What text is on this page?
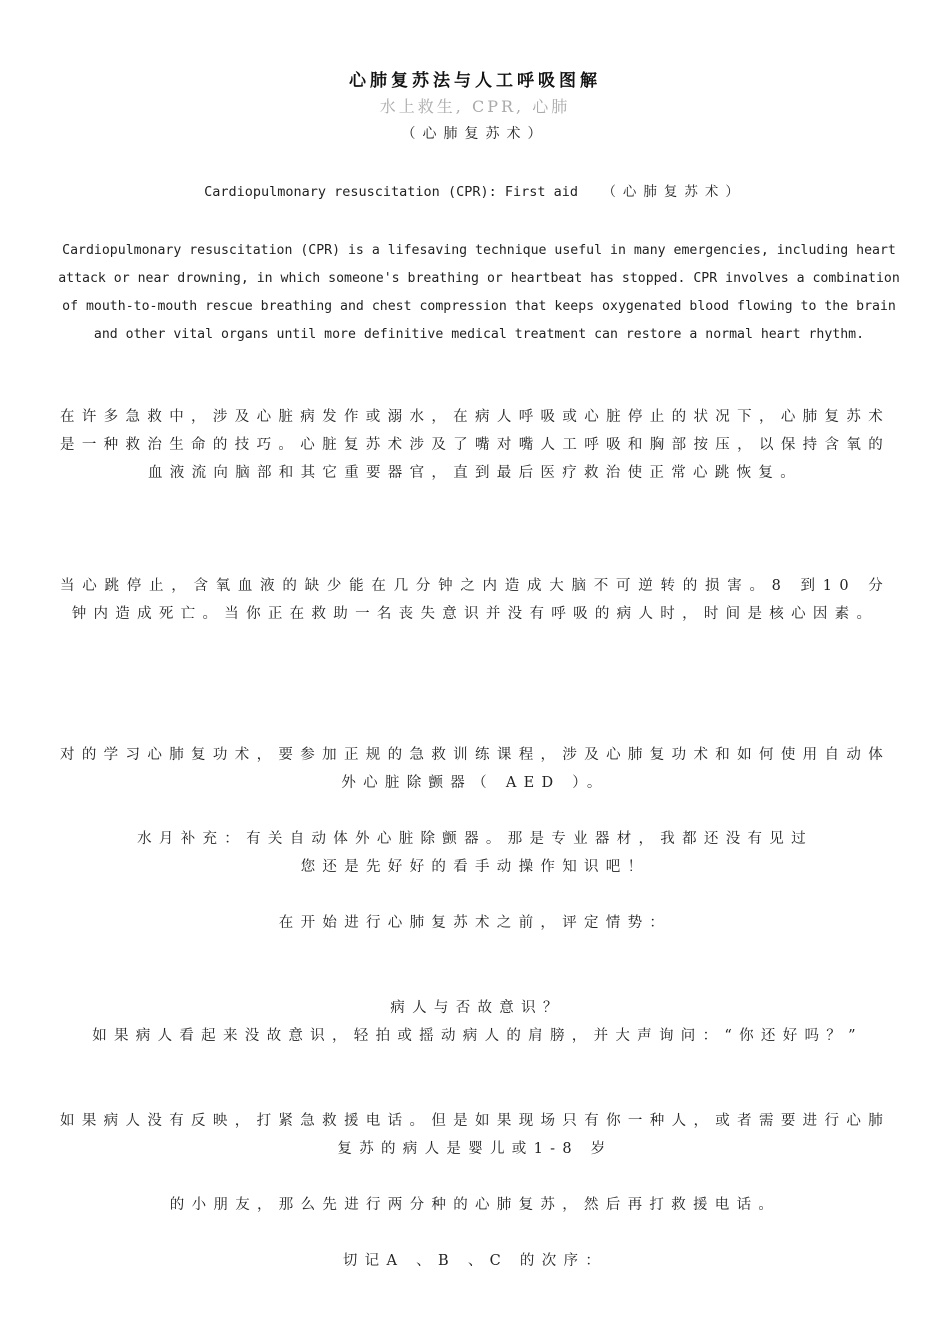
心肺复苏法与人工呼吸图解
水上救生, CPR, 心肺
（心肺复苏术）
Cardiopulmonary resuscitation (CPR): First aid   （心肺复苏术）
Cardiopulmonary resuscitation (CPR) is a lifesaving technique useful in many emergencies, including heart attack or near drowning, in which someone's breathing or heartbeat has stopped. CPR involves a combination of mouth-to-mouth rescue breathing and chest compression that keeps oxygenated blood flowing to the brain and other vital organs until more definitive medical treatment can restore a normal heart rhythm.
在许多急救中，涉及心脏病发作或溺水，在病人呼吸或心脏停止的状况下，心肺复苏术是一种救治生命的技巧。心脏复苏术涉及了嘴对嘴人工呼吸和胸部按压，以保持含氧的血液流向脑部和其它重要器官，直到最后医疗救治使正常心跳恢复。
当心跳停止，含氧血液的缺少能在几分钟之内造成大脑不可逆转的损害。8 到10 分钟内造成死亡。当你正在救助一名丧失意识并没有呼吸的病人时，时间是核心因素。
对的学习心肺复功术，要参加正规的急救训练课程，涉及心肺复功术和如何使用自动体外心脏除颤器（ AED ）。
水月补充：有关自动体外心脏除颤器。那是专业器材，我都还没有见过
您还是先好好的看手动操作知识吧！
在开始进行心肺复苏术之前，评定情势：
病人与否故意识？
如果病人看起来没故意识，轻拍或摇动病人的肩膀，并大声询问：“你还好吗？”
如果病人没有反映，打紧急救援电话。但是如果现场只有你一种人，或者需要进行心肺复苏的病人是婴儿或1-8 岁
的小朋友，那么先进行两分种的心肺复苏，然后再打救援电话。
切记A 、B 、C 的次序：
